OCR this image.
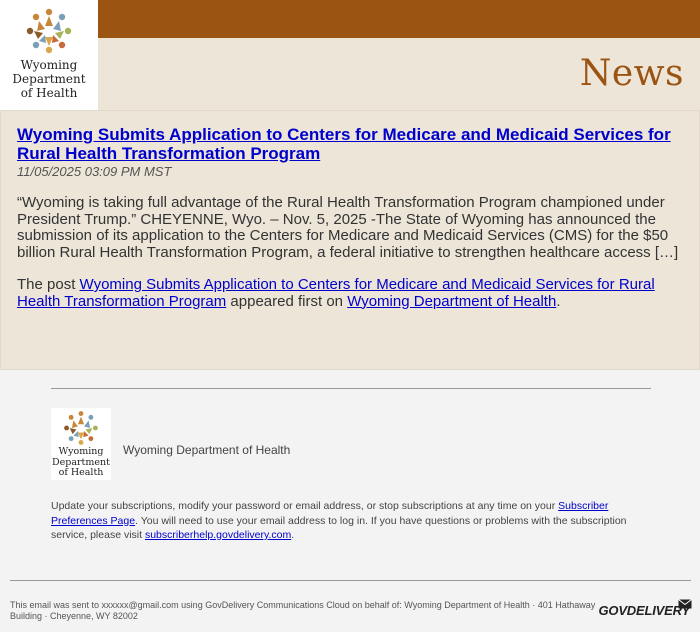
Wyoming
Department
of Health	News
Wyoming Submits Application to Centers for Medicare and Medicaid Services for Rural Health Transformation Program
11/05/2025 03:09 PM MST
“Wyoming is taking full advantage of the Rural Health Transformation Program championed under President Trump.” CHEYENNE, Wyo. – Nov. 5, 2025 -The State of Wyoming has announced the submission of its application to the Centers for Medicare and Medicaid Services (CMS) for the $50 billion Rural Health Transformation Program, a federal initiative to strengthen healthcare access […]
The post Wyoming Submits Application to Centers for Medicare and Medicaid Services for Rural Health Transformation Program appeared first on Wyoming Department of Health.
Wyoming
Department
of Health
Wyoming Department of Health
Update your subscriptions, modify your password or email address, or stop subscriptions at any time on your Subscriber Preferences Page. You will need to use your email address to log in. If you have questions or problems with the subscription service, please visit subscriberhelp.govdelivery.com.
This email was sent to xxxxxx@gmail.com using GovDelivery Communications Cloud on behalf of: Wyoming Department of Health · 401 Hathaway Building · Cheyenne, WY 82002	GOVDELIVERY
